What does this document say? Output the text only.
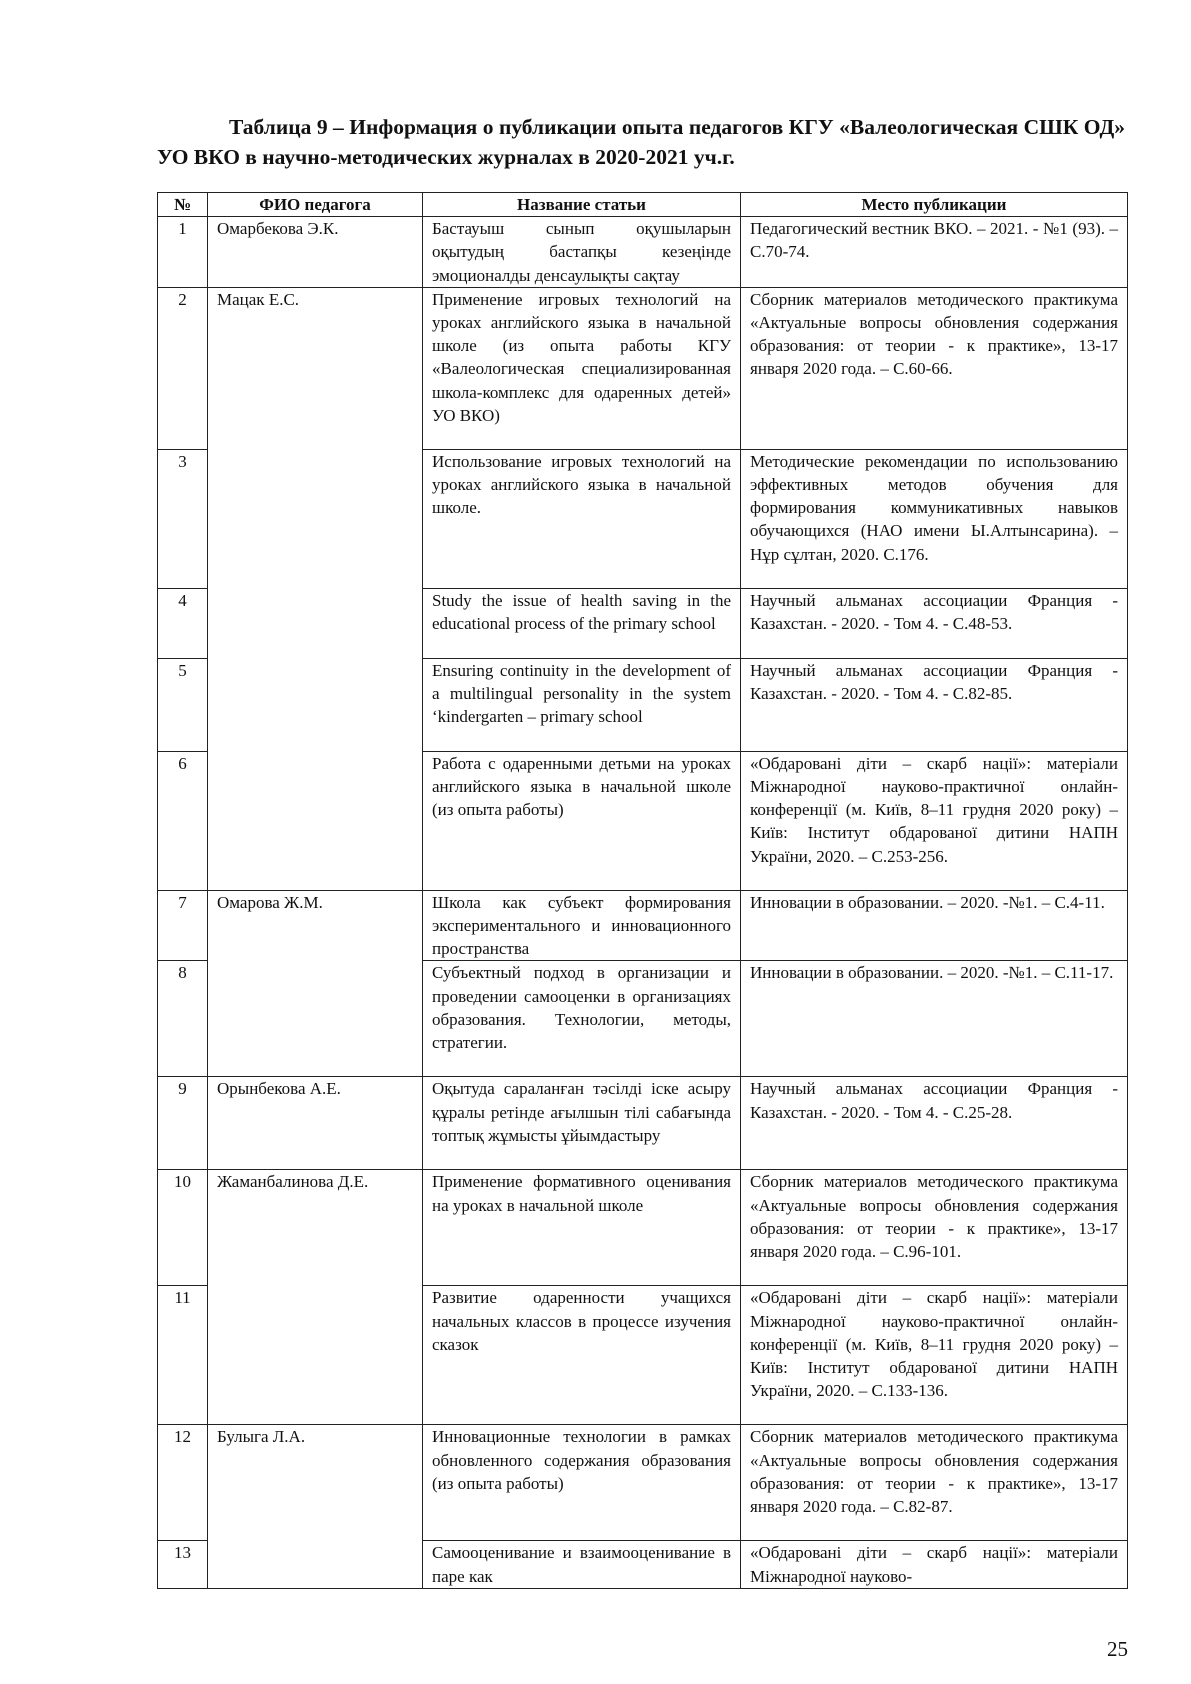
Таблица 9 – Информация о публикации опыта педагогов КГУ «Валеологическая СШК ОД» УО ВКО в научно-методических журналах в 2020-2021 уч.г.
№	ФИО педагога	Название статьи	Место публикации
1	Омарбекова Э.К.	Бастауыш сынып оқушыларын оқытудың бастапқы кезеңінде эмоционалды денсаулықты сақтау	Педагогический вестник ВКО. – 2021. - №1 (93). –С.70-74.
2	Мацак Е.С.	Применение игровых технологий на уроках английского языка в начальной школе (из опыта работы КГУ «Валеологическая специализированная школа-комплекс для одаренных детей» УО ВКО)	Сборник материалов методического практикума «Актуальные вопросы обновления содержания образования: от теории - к практике», 13-17 января 2020 года. – С.60-66.
3		Использование игровых технологий на уроках английского языка в начальной школе.	Методические рекомендации по использованию эффективных методов обучения для формирования коммуникативных навыков обучающихся (НАО имени Ы.Алтынсарина). – Нұр сұлтан, 2020. С.176.
4		Study the issue of health saving in the educational process of the primary school	Научный альманах ассоциации Франция - Казахстан. - 2020. - Том 4. - С.48-53.
5		Ensuring continuity in the development of a multilingual personality in the system ‘kindergarten – primary school	Научный альманах ассоциации Франция - Казахстан. - 2020. - Том 4. - С.82-85.
6		Работа с одаренными детьми на уроках английского языка в начальной школе (из опыта работы)	«Обдаровані діти – скарб нації»: матеріали Міжнародної науково-практичної онлайн-конференції (м. Київ, 8–11 грудня 2020 року) – Київ: Інститут обдарованої дитини НАПН України, 2020. – С.253-256.
7	Омарова Ж.М.	Школа как субъект формирования экспериментального и инновационного пространства	Инновации в образовании. – 2020. -№1. – С.4-11.
8		Субъектный подход в организации и проведении самооценки в организациях образования. Технологии, методы, стратегии.	Инновации в образовании. – 2020. -№1. – С.11-17.
9	Орынбекова А.Е.	Оқытуда сараланған тәсілді іске асыру құралы ретінде ағылшын тілі сабағында топтық жұмысты ұйымдастыру	Научный альманах ассоциации Франция - Казахстан. - 2020. - Том 4. - С.25-28.
10	Жаманбалинова Д.Е.	Применение формативного оценивания на уроках в начальной школе	Сборник материалов методического практикума «Актуальные вопросы обновления содержания образования: от теории - к практике», 13-17 января 2020 года. – С.96-101.
11		Развитие одаренности учащихся начальных классов в процессе изучения сказок	«Обдаровані діти – скарб нації»: матеріали Міжнародної науково-практичної онлайн-конференції (м. Київ, 8–11 грудня 2020 року) – Київ: Інститут обдарованої дитини НАПН України, 2020. – С.133-136.
12	Булыга Л.А.	Инновационные технологии в рамках обновленного содержания образования (из опыта работы)	Сборник материалов методического практикума «Актуальные вопросы обновления содержания образования: от теории - к практике», 13-17 января 2020 года. – С.82-87.
13		Самооценивание и взаимооценивание в паре как	«Обдаровані діти – скарб нації»: матеріали Міжнародної науково-
25
